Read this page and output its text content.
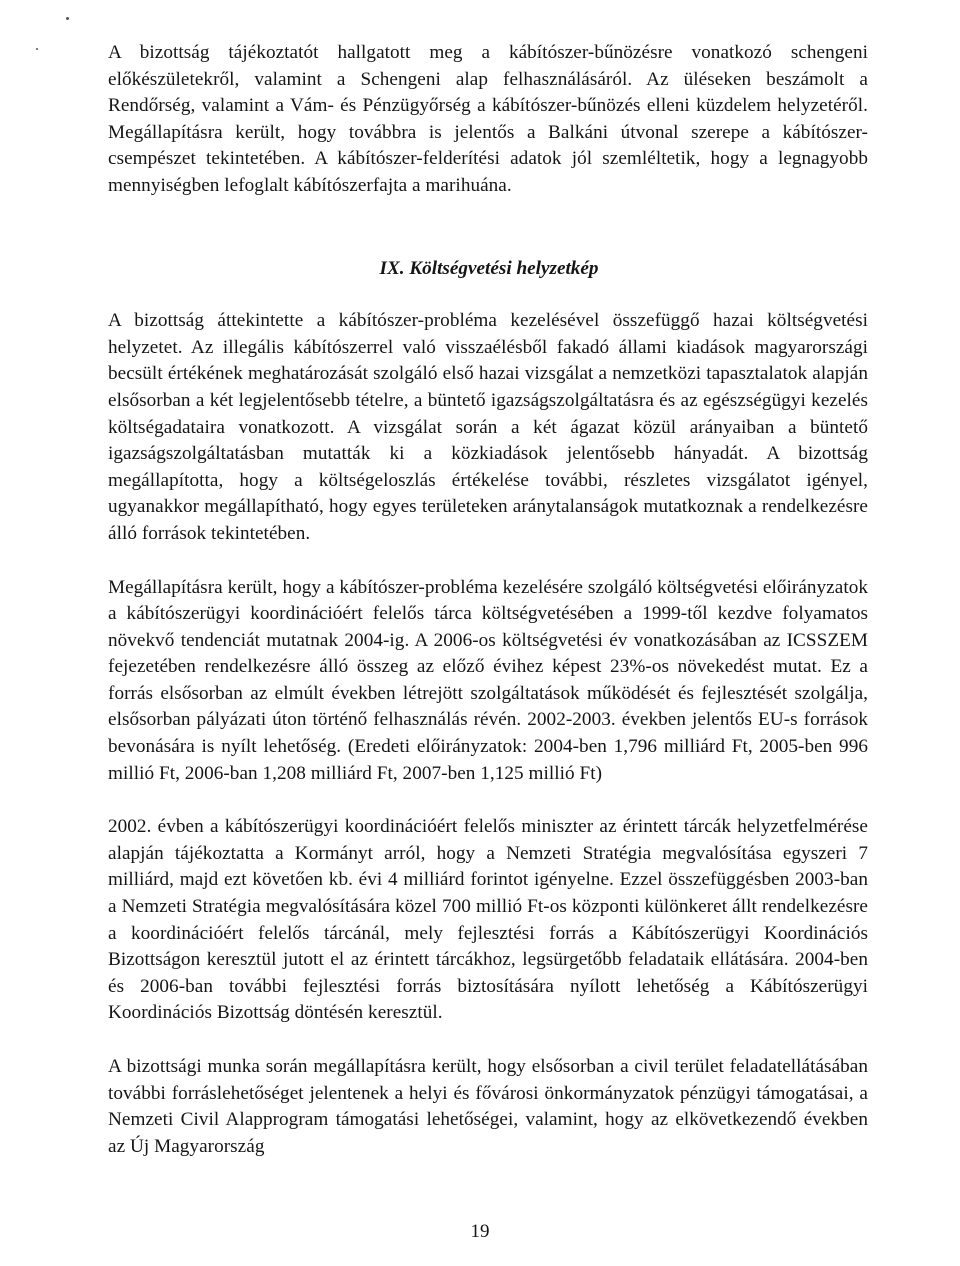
A bizottság tájékoztatót hallgatott meg a kábítószer-bűnözésre vonatkozó schengeni előkészületekről, valamint a Schengeni alap felhasználásáról. Az üléseken beszámolt a Rendőrség, valamint a Vám- és Pénzügyőrség a kábítószer-bűnözés elleni küzdelem helyzetéről. Megállapításra került, hogy továbbra is jelentős a Balkáni útvonal szerepe a kábítószer-csempészet tekintetében. A kábítószer-felderítési adatok jól szemléltetik, hogy a legnagyobb mennyiségben lefoglalt kábítószerfajta a marihuána.

IX. Költségvetési helyzetkép

A bizottság áttekintette a kábítószer-probléma kezelésével összefüggő hazai költségvetési helyzetet. Az illegális kábítószerrel való visszaélésből fakadó állami kiadások magyarországi becsült értékének meghatározását szolgáló első hazai vizsgálat a nemzetközi tapasztalatok alapján elsősorban a két legjelentősebb tételre, a büntető igazságszolgáltatásra és az egészségügyi kezelés költségadataira vonatkozott. A vizsgálat során a két ágazat közül arányaiban a büntető igazságszolgáltatásban mutatták ki a közkiadások jelentősebb hányadát. A bizottság megállapította, hogy a költségeloszlás értékelése további, részletes vizsgálatot igényel, ugyanakkor megállapítható, hogy egyes területeken aránytalanságok mutatkoznak a rendelkezésre álló források tekintetében.

Megállapításra került, hogy a kábítószer-probléma kezelésére szolgáló költségvetési előirányzatok a kábítószerügyi koordinációért felelős tárca költségvetésében a 1999-től kezdve folyamatos növekvő tendenciát mutatnak 2004-ig. A 2006-os költségvetési év vonatkozásában az ICSSZEM fejezetében rendelkezésre álló összeg az előző évihez képest 23%-os növekedést mutat. Ez a forrás elsősorban az elmúlt években létrejött szolgáltatások működését és fejlesztését szolgálja, elsősorban pályázati úton történő felhasználás révén. 2002-2003. években jelentős EU-s források bevonására is nyílt lehetőség. (Eredeti előirányzatok: 2004-ben 1,796 milliárd Ft, 2005-ben 996 millió Ft, 2006-ban 1,208 milliárd Ft, 2007-ben 1,125 millió Ft)

2002. évben a kábítószerügyi koordinációért felelős miniszter az érintett tárcák helyzetfelmérése alapján tájékoztatta a Kormányt arról, hogy a Nemzeti Stratégia megvalósítása egyszeri 7 milliárd, majd ezt követően kb. évi 4 milliárd forintot igényelne. Ezzel összefüggésben 2003-ban a Nemzeti Stratégia megvalósítására közel 700 millió Ft-os központi különkeret állt rendelkezésre a koordinációért felelős tárcánál, mely fejlesztési forrás a Kábítószerügyi Koordinációs Bizottságon keresztül jutott el az érintett tárcákhoz, legsürgetőbb feladataik ellátására. 2004-ben és 2006-ban további fejlesztési forrás biztosítására nyílott lehetőség a Kábítószerügyi Koordinációs Bizottság döntésén keresztül.

A bizottsági munka során megállapításra került, hogy elsősorban a civil terület feladatellátásában további forráslehetőséget jelentenek a helyi és fővárosi önkormányzatok pénzügyi támogatásai, a Nemzeti Civil Alapprogram támogatási lehetőségei, valamint, hogy az elkövetkezendő években az Új Magyarország

19
